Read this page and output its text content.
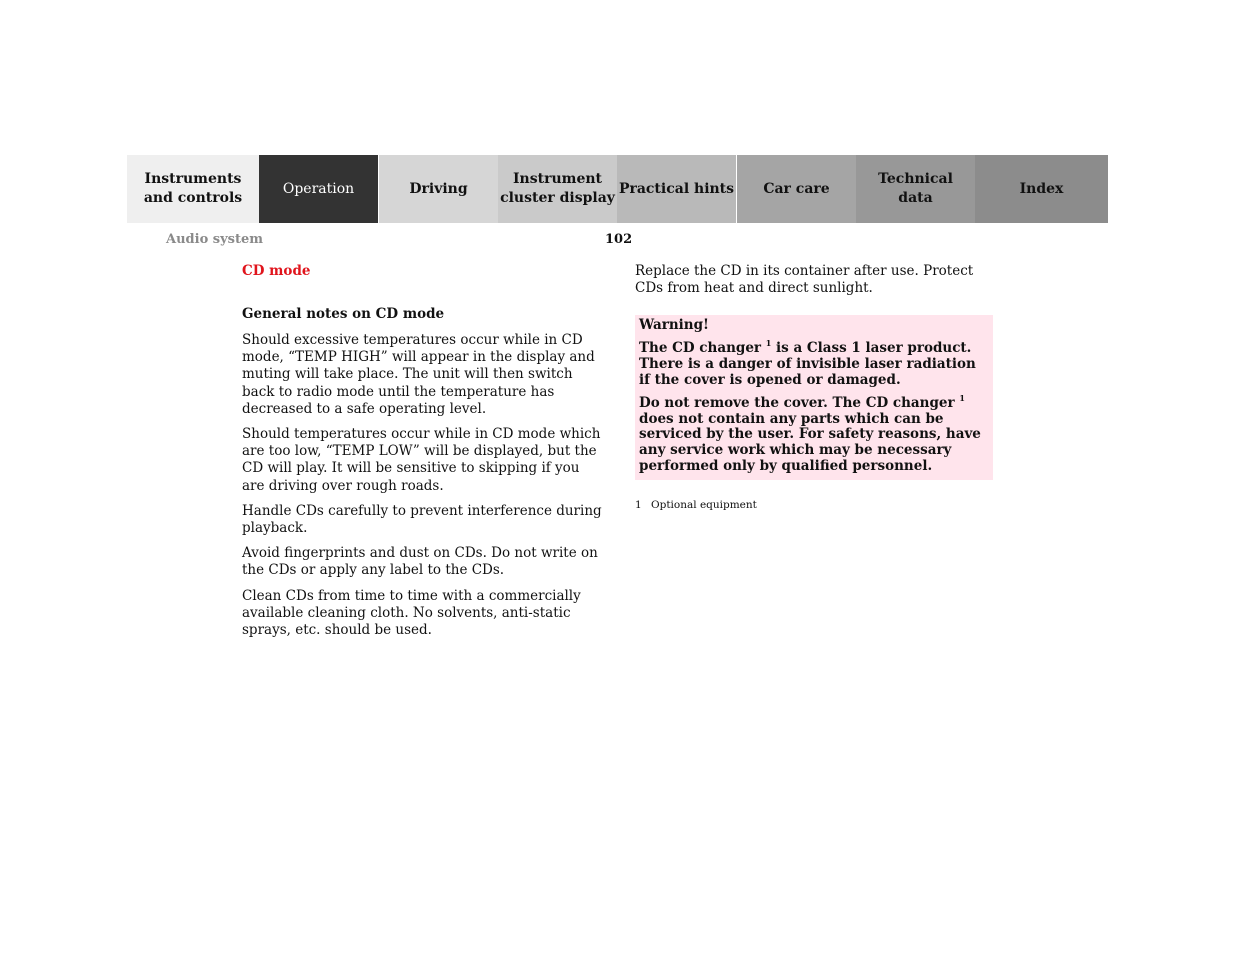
Instruments
and controls
Operation	Driving
Instrument
cluster display
Practical hints	Car care
Technical
data
Index
Audio system	102
CD mode
General notes on CD mode

Should excessive temperatures occur while in CD mode, “TEMP HIGH” will appear in the display and muting will take place. The unit will then switch back to radio mode until the temperature has decreased to a safe operating level.

Should temperatures occur while in CD mode which are too low, “TEMP LOW” will be displayed, but the CD will play. It will be sensitive to skipping if you are driving over rough roads.

Handle CDs carefully to prevent interference during playback.

Avoid fingerprints and dust on CDs. Do not write on the CDs or apply any label to the CDs.

Clean CDs from time to time with a commercially available cleaning cloth. No solvents, anti-static sprays, etc. should be used.

Replace the CD in its container after use. Protect CDs from heat and direct sunlight.

Warning!

The CD changer $^1$ is a Class 1 laser product. There is a danger of invisible laser radiation if the cover is opened or damaged.

Do not remove the cover. The CD changer $^1$ does not contain any parts which can be serviced by the user. For safety reasons, have any service work which may be necessary performed only by qualified personnel.

1 Optional equipment
